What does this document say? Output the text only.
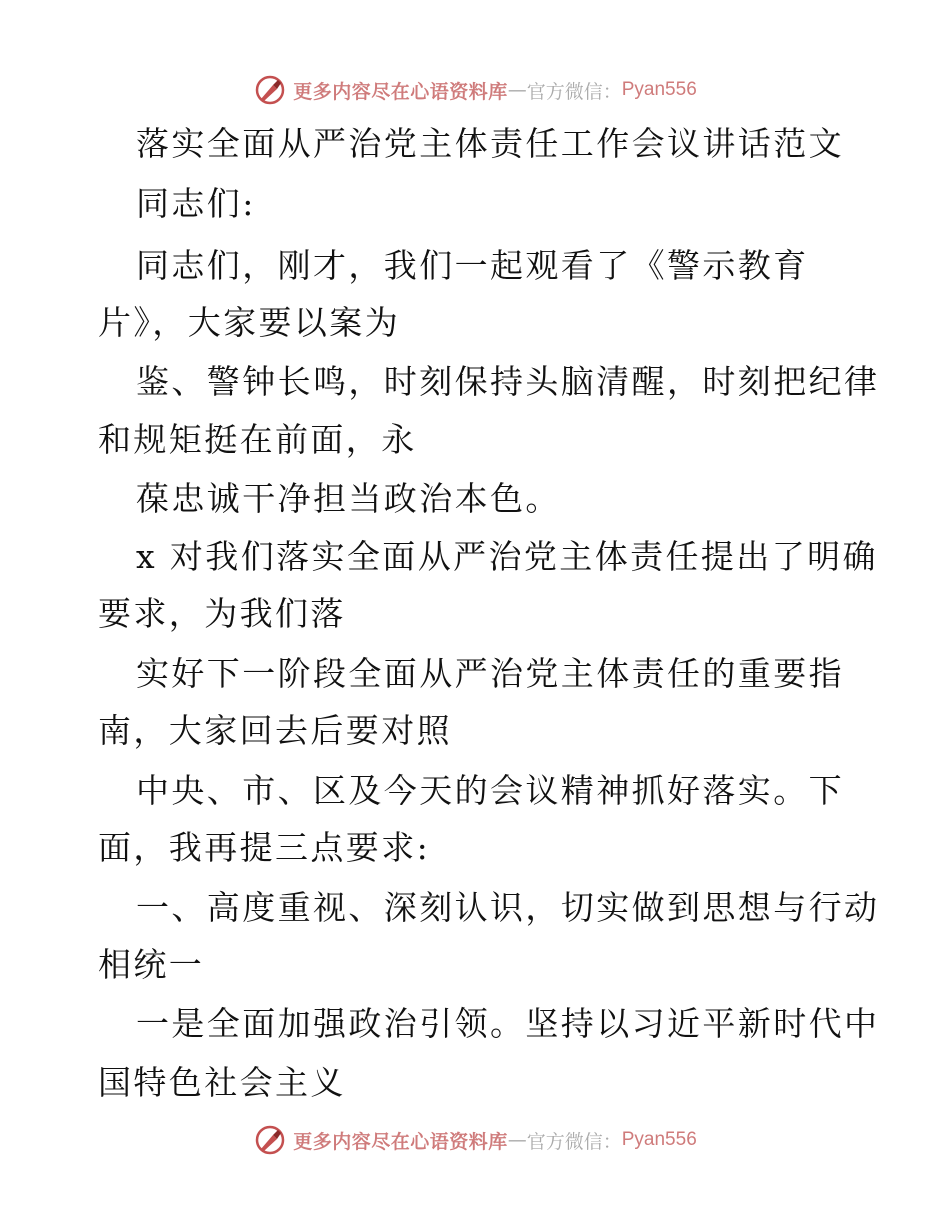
更多内容尽在心语资料库 — 官方微信： Pyan556
落实全面从严治党主体责任工作会议讲话范文
同志们:
同志们，刚才，我们一起观看了《警示教育
片》，大家要以案为
鉴、警钟长鸣，时刻保持头脑清醒，时刻把纪律
和规矩挺在前面，永
葆忠诚干净担当政治本色。
x 对我们落实全面从严治党主体责任提出了明确
要求，为我们落
实好下一阶段全面从严治党主体责任的重要指
南，大家回去后要对照
中央、市、区及今天的会议精神抓好落实。下
面，我再提三点要求:
一、高度重视、深刻认识，切实做到思想与行动
相统一
一是全面加强政治引领。坚持以习近平新时代中
国特色社会主义
更多内容尽在心语资料库 — 官方微信： Pyan556
